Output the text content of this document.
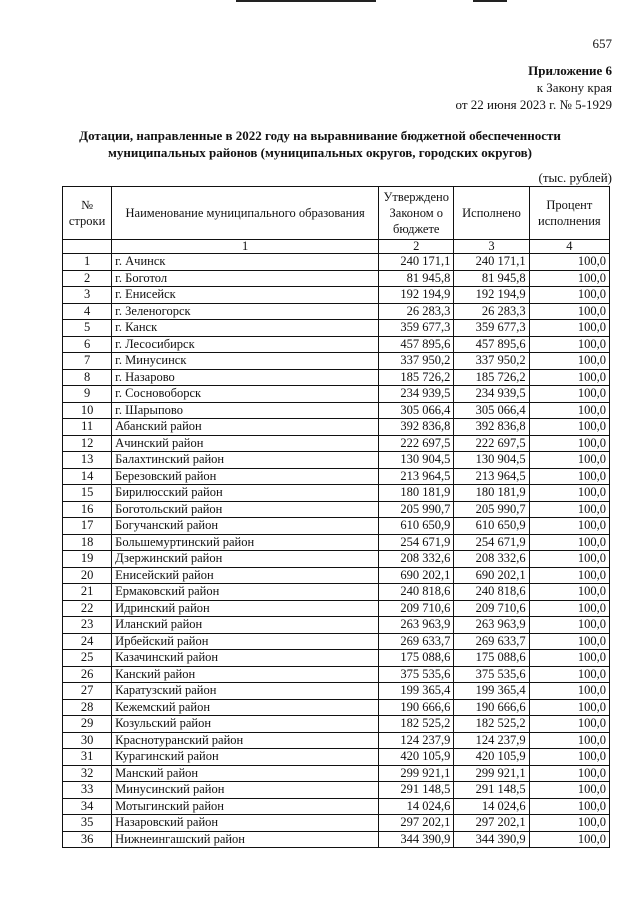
657
Приложение 6
к Закону края
от 22 июня 2023 г. № 5-1929
Дотации, направленные в 2022 году на выравнивание бюджетной обеспеченности
муниципальных районов (муниципальных округов, городских округов)
(тыс. рублей)
№ строки	Наименование муниципального образования	Утверждено Законом о бюджете	Исполнено	Процент исполнения
	1	2	3	4
1	г. Ачинск	240 171,1	240 171,1	100,0
2	г. Боготол	81 945,8	81 945,8	100,0
3	г. Енисейск	192 194,9	192 194,9	100,0
4	г. Зеленогорск	26 283,3	26 283,3	100,0
5	г. Канск	359 677,3	359 677,3	100,0
6	г. Лесосибирск	457 895,6	457 895,6	100,0
7	г. Минусинск	337 950,2	337 950,2	100,0
8	г. Назарово	185 726,2	185 726,2	100,0
9	г. Сосновоборск	234 939,5	234 939,5	100,0
10	г. Шарыпово	305 066,4	305 066,4	100,0
11	Абанский район	392 836,8	392 836,8	100,0
12	Ачинский район	222 697,5	222 697,5	100,0
13	Балахтинский район	130 904,5	130 904,5	100,0
14	Березовский район	213 964,5	213 964,5	100,0
15	Бирилюсский район	180 181,9	180 181,9	100,0
16	Боготольский район	205 990,7	205 990,7	100,0
17	Богучанский район	610 650,9	610 650,9	100,0
18	Большемуртинский район	254 671,9	254 671,9	100,0
19	Дзержинский район	208 332,6	208 332,6	100,0
20	Енисейский район	690 202,1	690 202,1	100,0
21	Ермаковский район	240 818,6	240 818,6	100,0
22	Идринский район	209 710,6	209 710,6	100,0
23	Иланский район	263 963,9	263 963,9	100,0
24	Ирбейский район	269 633,7	269 633,7	100,0
25	Казачинский район	175 088,6	175 088,6	100,0
26	Канский район	375 535,6	375 535,6	100,0
27	Каратузский район	199 365,4	199 365,4	100,0
28	Кежемский район	190 666,6	190 666,6	100,0
29	Козульский район	182 525,2	182 525,2	100,0
30	Краснотуранский район	124 237,9	124 237,9	100,0
31	Курагинский район	420 105,9	420 105,9	100,0
32	Манский район	299 921,1	299 921,1	100,0
33	Минусинский район	291 148,5	291 148,5	100,0
34	Мотыгинский район	14 024,6	14 024,6	100,0
35	Назаровский район	297 202,1	297 202,1	100,0
36	Нижнеингашский район	344 390,9	344 390,9	100,0
